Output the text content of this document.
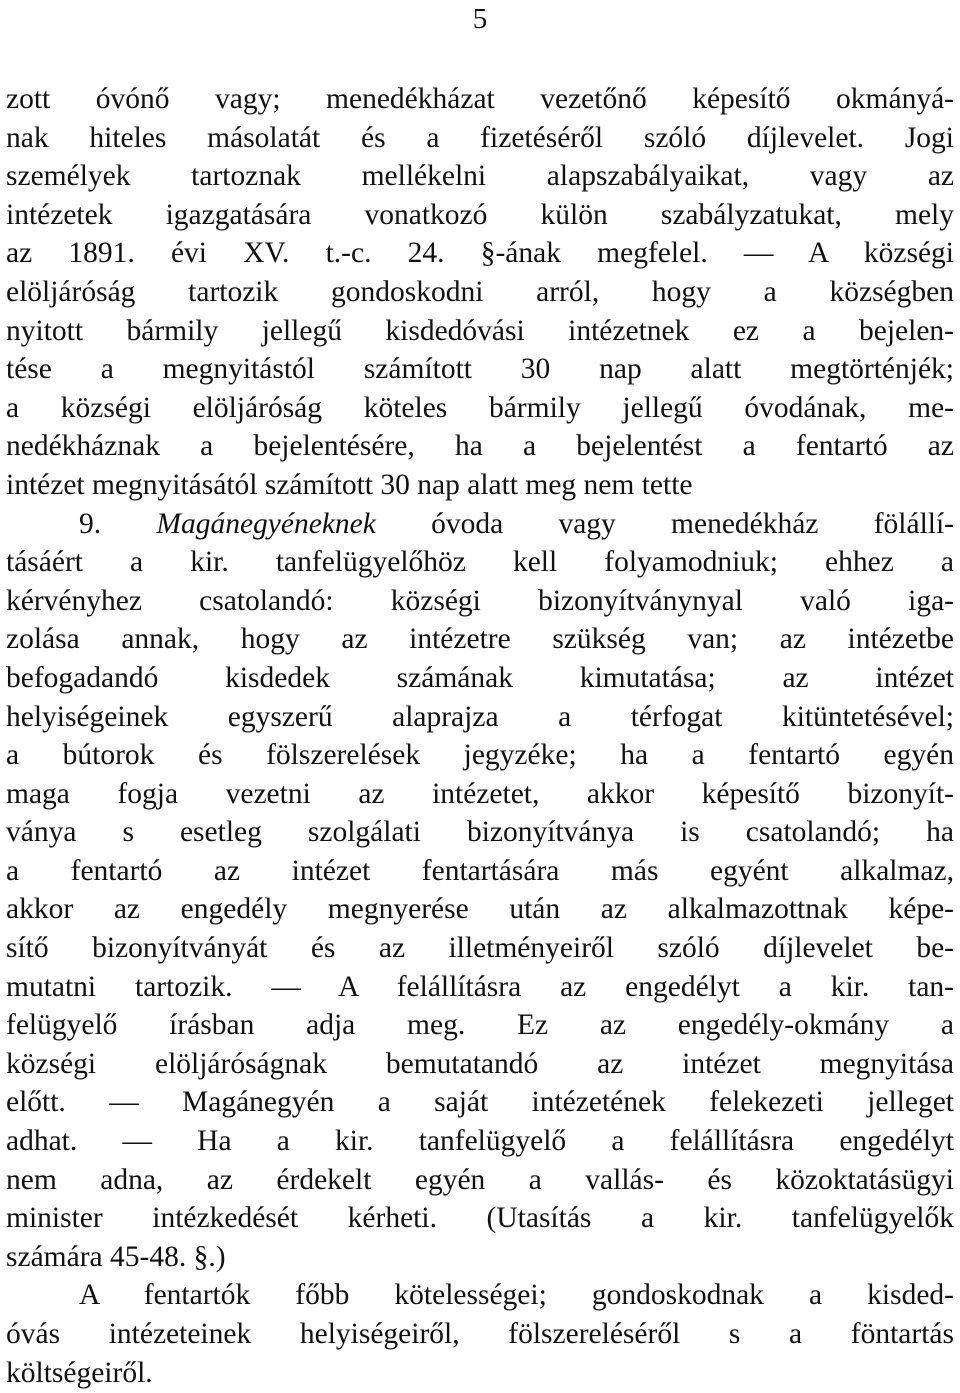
5
zott óvónő vagy; menedékházat vezetőnő képesítő okmányá-
nak hiteles másolatát és a fizetéséről szóló díjlevelet. Jogi
személyek tartoznak mellékelni alapszabályaikat, vagy az
intézetek igazgatására vonatkozó külön szabályzatukat, mely
az 1891. évi XV. t.-c. 24. §-ának megfelel. — A községi
elöljáróság tartozik gondoskodni arról, hogy a községben
nyitott bármily jellegű kisdedóvási intézetnek ez a bejelen-
tése a megnyitástól számított 30 nap alatt megtörténjék;
a községi elöljáróság köteles bármily jellegű óvodának, me-
nedékháznak a bejelentésére, ha a bejelentést a fentartó az
intézet megnyitásától számított 30 nap alatt meg nem tette
9. Magánegyéneknek óvoda vagy menedékház fölállí-
tásáért a kir. tanfelügyelőhöz kell folyamodniuk; ehhez a
kérvényhez csatolandó: községi bizonyítványnyal való iga-
zolása annak, hogy az intézetre szükség van; az intézetbe
befogadandó kisdedek számának kimutatása; az intézet
helyiségeinek egyszerű alaprajza a térfogat kitüntetésével;
a bútorok és fölszerelések jegyzéke; ha a fentartó egyén
maga fogja vezetni az intézetet, akkor képesítő bizonyít-
ványa s esetleg szolgálati bizonyítványa is csatolandó; ha
a fentartó az intézet fentartására más egyént alkalmaz,
akkor az engedély megnyerése után az alkalmazottnak képe-
sítő bizonyítványát és az illetményeiről szóló díjlevelet be-
mutatni tartozik. — A felállításra az engedélyt a kir. tan-
felügyelő írásban adja meg. Ez az engedély-okmány a
községi elöljáróságnak bemutatandó az intézet megnyitása
előtt. — Magánegyén a saját intézetének felekezeti jelleget
adhat. — Ha a kir. tanfelügyelő a felállításra engedélyt
nem adna, az érdekelt egyén a vallás- és közoktatásügyi
minister intézkedését kérheti. (Utasítás a kir. tanfelügyelők
számára 45-48. §.)
A fentartók főbb kötelességei; gondoskodnak a kisded-
óvás intézeteinek helyiségeiről, fölszereléséről s a föntartás
költségeiről.
